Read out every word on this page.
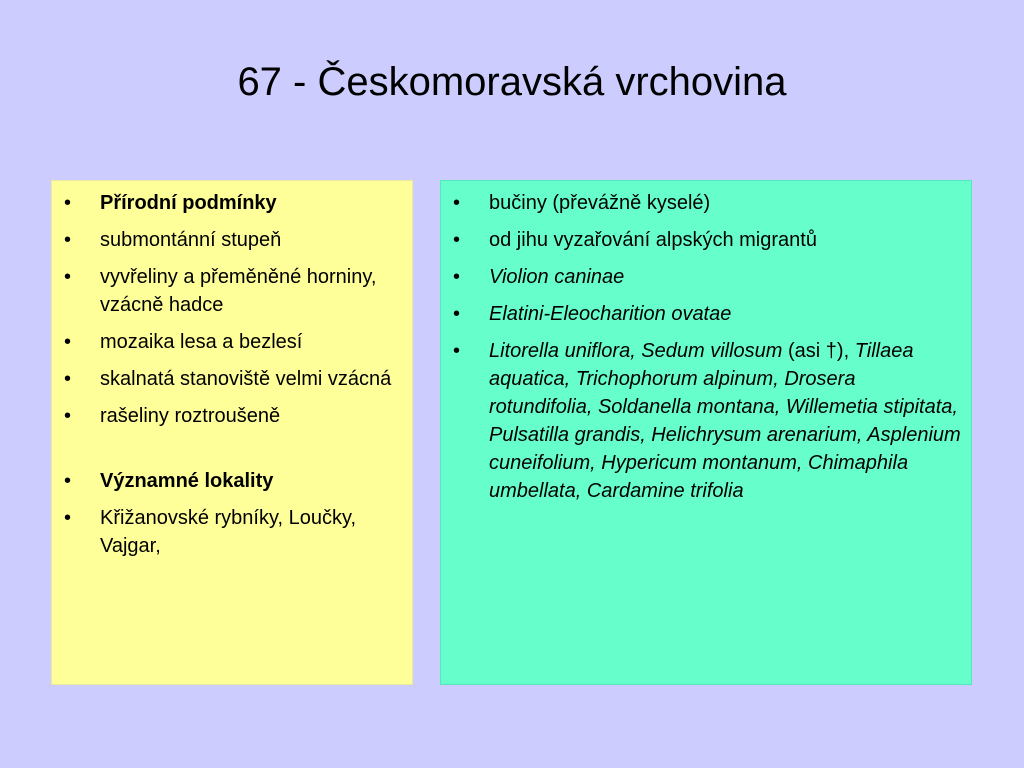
67 - Českomoravská vrchovina
• Přírodní podmínky
• submontánní stupeň
• vyvřeliny a přeměněné horniny, vzácně hadce
• mozaika lesa a bezlesí
• skalnatá stanoviště velmi vzácná
• rašeliny roztroušeně
• Významné lokality
• Křižanovské rybníky, Loučky, Vajgar,
• bučiny (převážně kyselé)
• od jihu vyzařování alpských migrantů
• Violion caninae
• Elatini-Eleocharition ovatae
• Litorella uniflora, Sedum villosum (asi †), Tillaea aquatica, Trichophorum alpinum, Drosera rotundifolia, Soldanella montana, Willemetia stipitata, Pulsatilla grandis, Helichrysum arenarium, Asplenium cuneifolium, Hypericum montanum, Chimaphila umbellata, Cardamine trifolia
